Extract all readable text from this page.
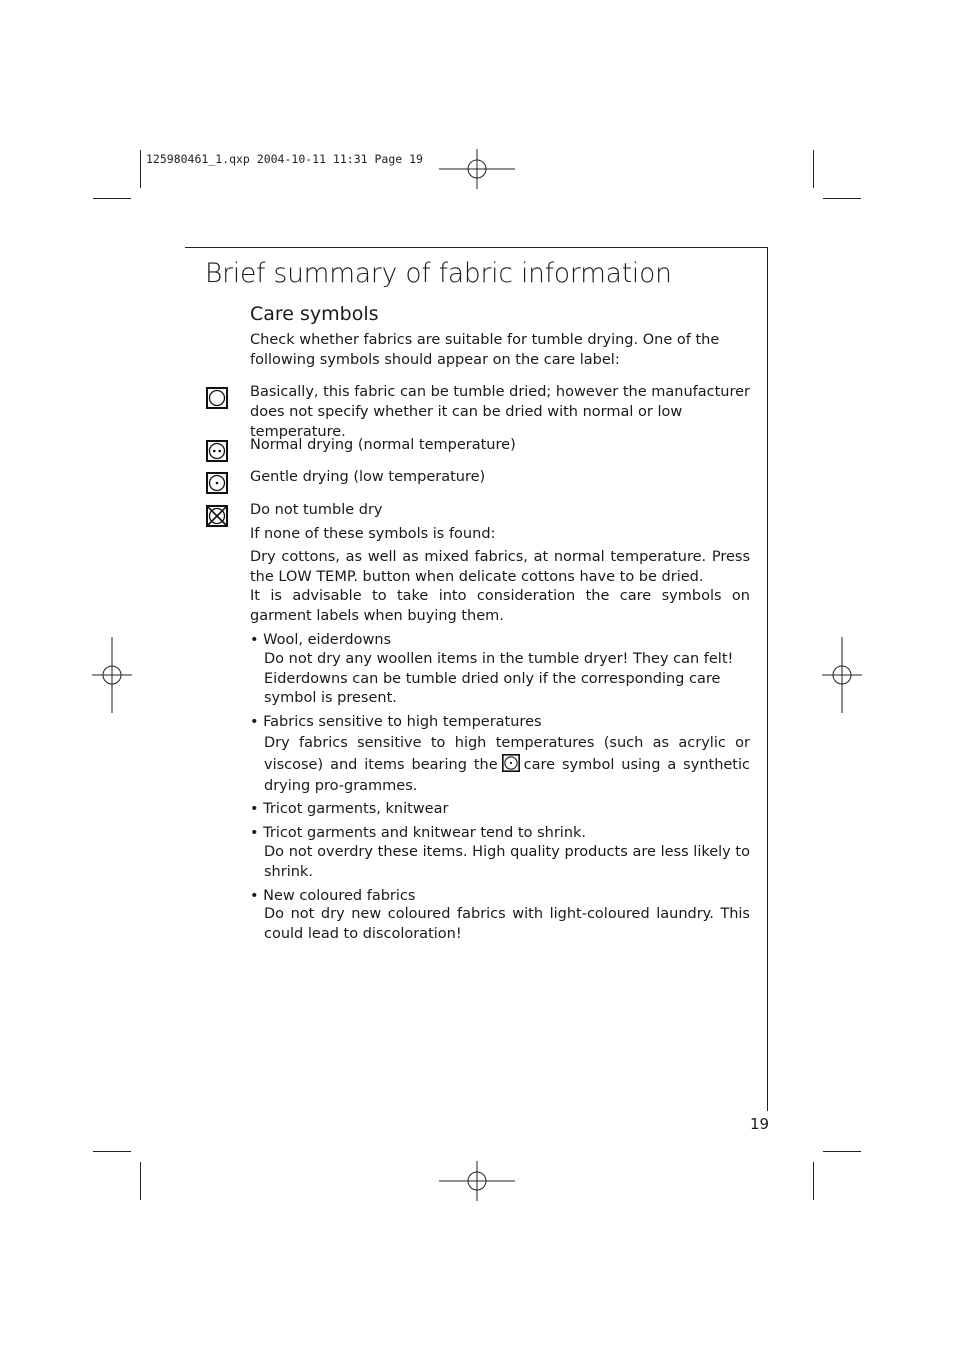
125980461_1.qxp 2004-10-11 11:31 Page 19
Brief summary of fabric information
Care symbols
Check whether fabrics are suitable for tumble drying. One of the following symbols should appear on the care label:
Basically, this fabric can be tumble dried; however the manufacturer does not specify whether it can be dried with normal or low temperature.
Normal drying (normal temperature)
Gentle drying (low temperature)
Do not tumble dry
If none of these symbols is found:
Dry cottons, as well as mixed fabrics, at normal temperature. Press the LOW TEMP. button when delicate cottons have to be dried.
It is advisable to take into consideration the care symbols on garment labels when buying them.
• Wool, eiderdowns
Do not dry any woollen items in the tumble dryer! They can felt! Eiderdowns can be tumble dried only if the corresponding care symbol is present.
• Fabrics sensitive to high temperatures
Dry fabrics sensitive to high temperatures (such as acrylic or viscose) and items bearing the care symbol using a synthetic drying pro-grammes.
• Tricot garments, knitwear
• Tricot garments and knitwear tend to shrink.
Do not overdry these items. High quality products are less likely to shrink.
• New coloured fabrics
Do not dry new coloured fabrics with light-coloured laundry. This could lead to discoloration!
19
